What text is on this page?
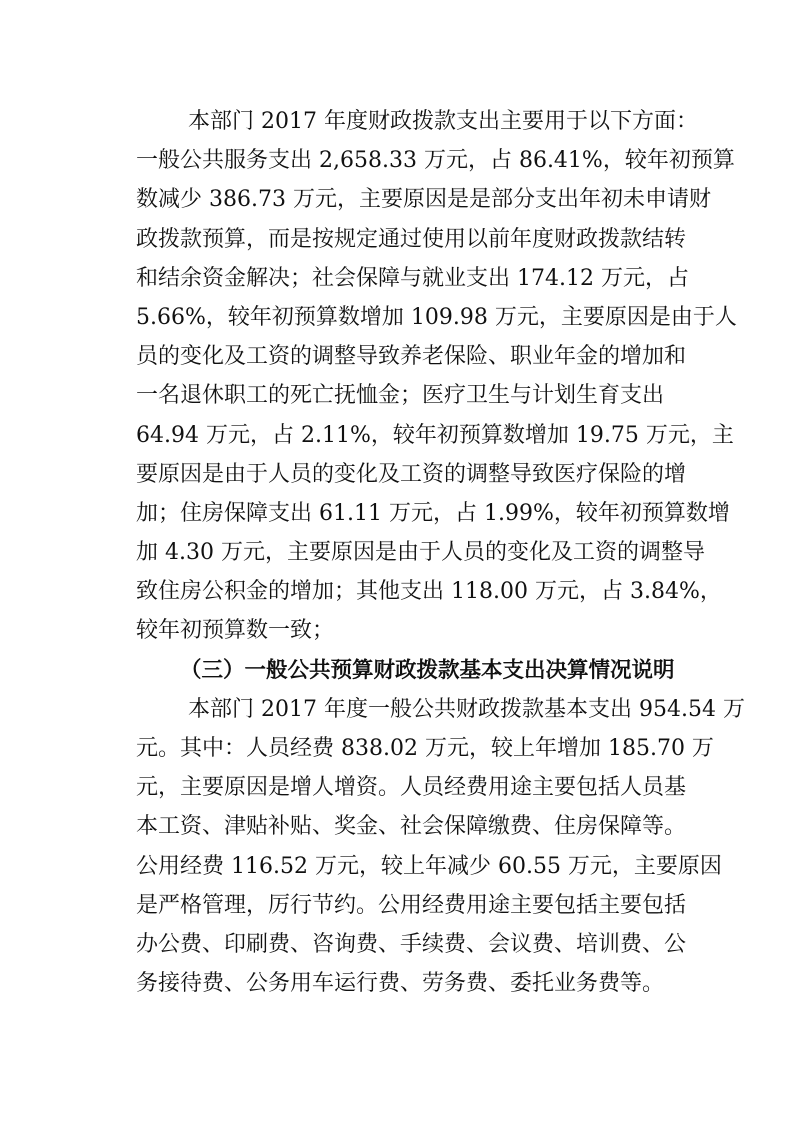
本部门 2017 年度财政拨款支出主要用于以下方面：
一般公共服务支出 2,658.33 万元，占 86.41%，较年初预算
数减少 386.73 万元，主要原因是是部分支出年初未申请财
政拨款预算，而是按规定通过使用以前年度财政拨款结转
和结余资金解决；社会保障与就业支出 174.12 万元，占
5.66%，较年初预算数增加 109.98 万元，主要原因是由于人
员的变化及工资的调整导致养老保险、职业年金的增加和
一名退休职工的死亡抚恤金；医疗卫生与计划生育支出
64.94 万元，占 2.11%，较年初预算数增加 19.75 万元，主
要原因是由于人员的变化及工资的调整导致医疗保险的增
加；住房保障支出 61.11 万元，占 1.99%，较年初预算数增
加 4.30 万元，主要原因是由于人员的变化及工资的调整导
致住房公积金的增加；其他支出 118.00 万元，占 3.84%，
较年初预算数一致；
（三）一般公共预算财政拨款基本支出决算情况说明
本部门 2017 年度一般公共财政拨款基本支出 954.54 万
元。其中：人员经费 838.02 万元，较上年增加 185.70 万
元，主要原因是增人增资。人员经费用途主要包括人员基
本工资、津贴补贴、奖金、社会保障缴费、住房保障等。
公用经费 116.52 万元，较上年减少 60.55 万元，主要原因
是严格管理，厉行节约。公用经费用途主要包括主要包括
办公费、印刷费、咨询费、手续费、会议费、培训费、公
务接待费、公务用车运行费、劳务费、委托业务费等。
